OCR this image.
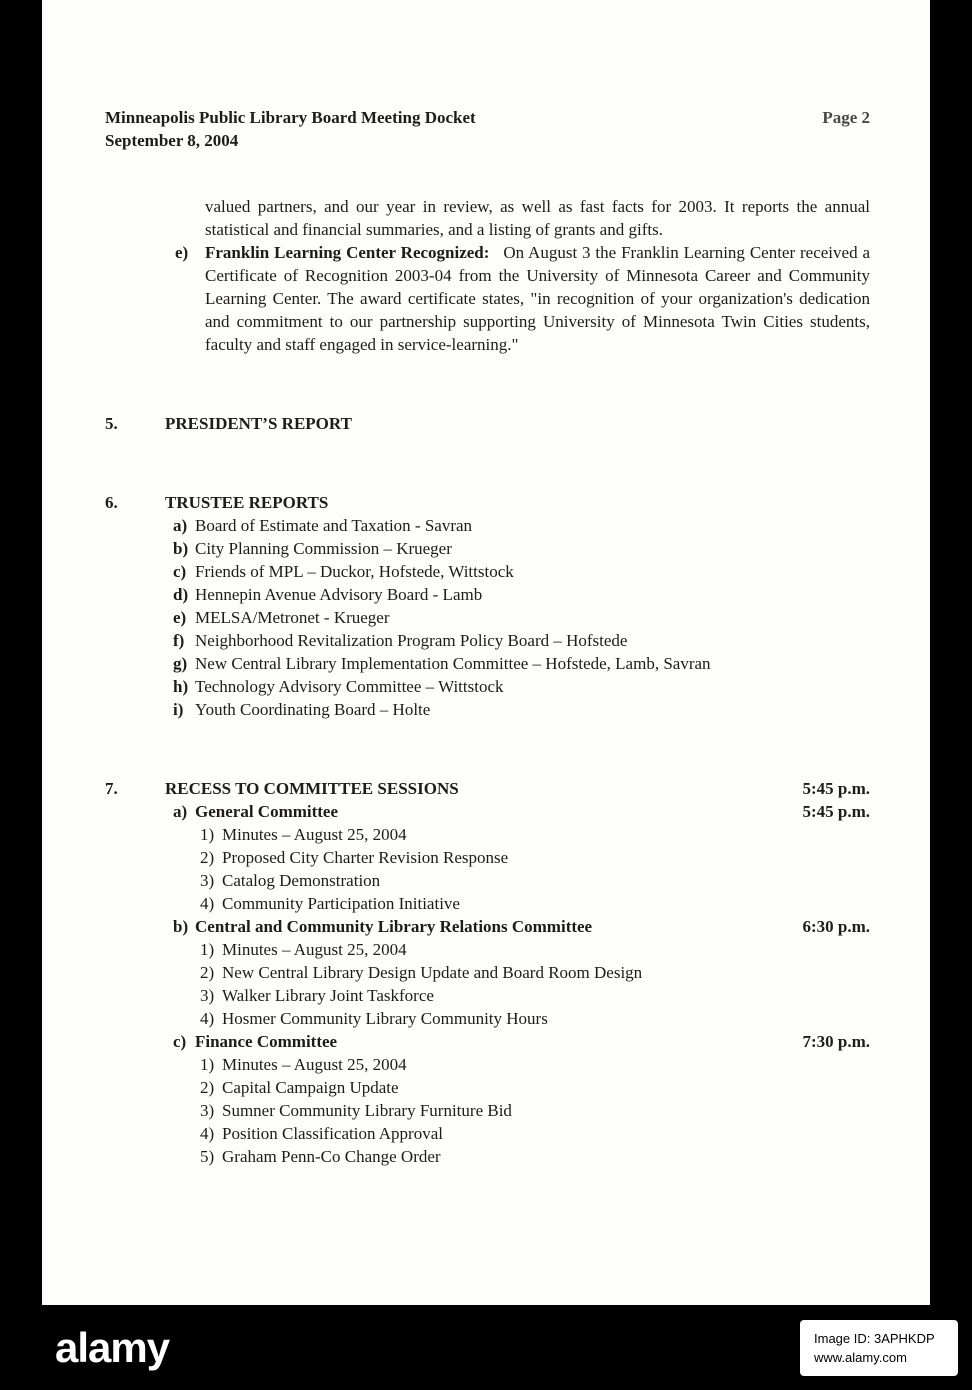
Minneapolis Public Library Board Meeting Docket	Page 2
September 8, 2004

valued partners, and our year in review, as well as fast facts for 2003. It reports the annual statistical and financial summaries, and a listing of grants and gifts.

e) Franklin Learning Center Recognized: On August 3 the Franklin Learning Center received a Certificate of Recognition 2003-04 from the University of Minnesota Career and Community Learning Center. The award certificate states, "in recognition of your organization's dedication and commitment to our partnership supporting University of Minnesota Twin Cities students, faculty and staff engaged in service-learning."
5.	PRESIDENT’S REPORT
6.	TRUSTEE REPORTS
a) Board of Estimate and Taxation - Savran
b) City Planning Commission – Krueger
c) Friends of MPL – Duckor, Hofstede, Wittstock
d) Hennepin Avenue Advisory Board - Lamb
e) MELSA/Metronet - Krueger
f) Neighborhood Revitalization Program Policy Board – Hofstede
g) New Central Library Implementation Committee – Hofstede, Lamb, Savran
h) Technology Advisory Committee – Wittstock
i) Youth Coordinating Board – Holte
7.	RECESS TO COMMITTEE SESSIONS	5:45 p.m.
a) General Committee	5:45 p.m.
1) Minutes – August 25, 2004
2) Proposed City Charter Revision Response
3) Catalog Demonstration
4) Community Participation Initiative
b) Central and Community Library Relations Committee	6:30 p.m.
1) Minutes – August 25, 2004
2) New Central Library Design Update and Board Room Design
3) Walker Library Joint Taskforce
4) Hosmer Community Library Community Hours
c) Finance Committee	7:30 p.m.
1) Minutes – August 25, 2004
2) Capital Campaign Update
3) Sumner Community Library Furniture Bid
4) Position Classification Approval
5) Graham Penn-Co Change Order
alamy	Image ID: 3APHKDP
www.alamy.com
